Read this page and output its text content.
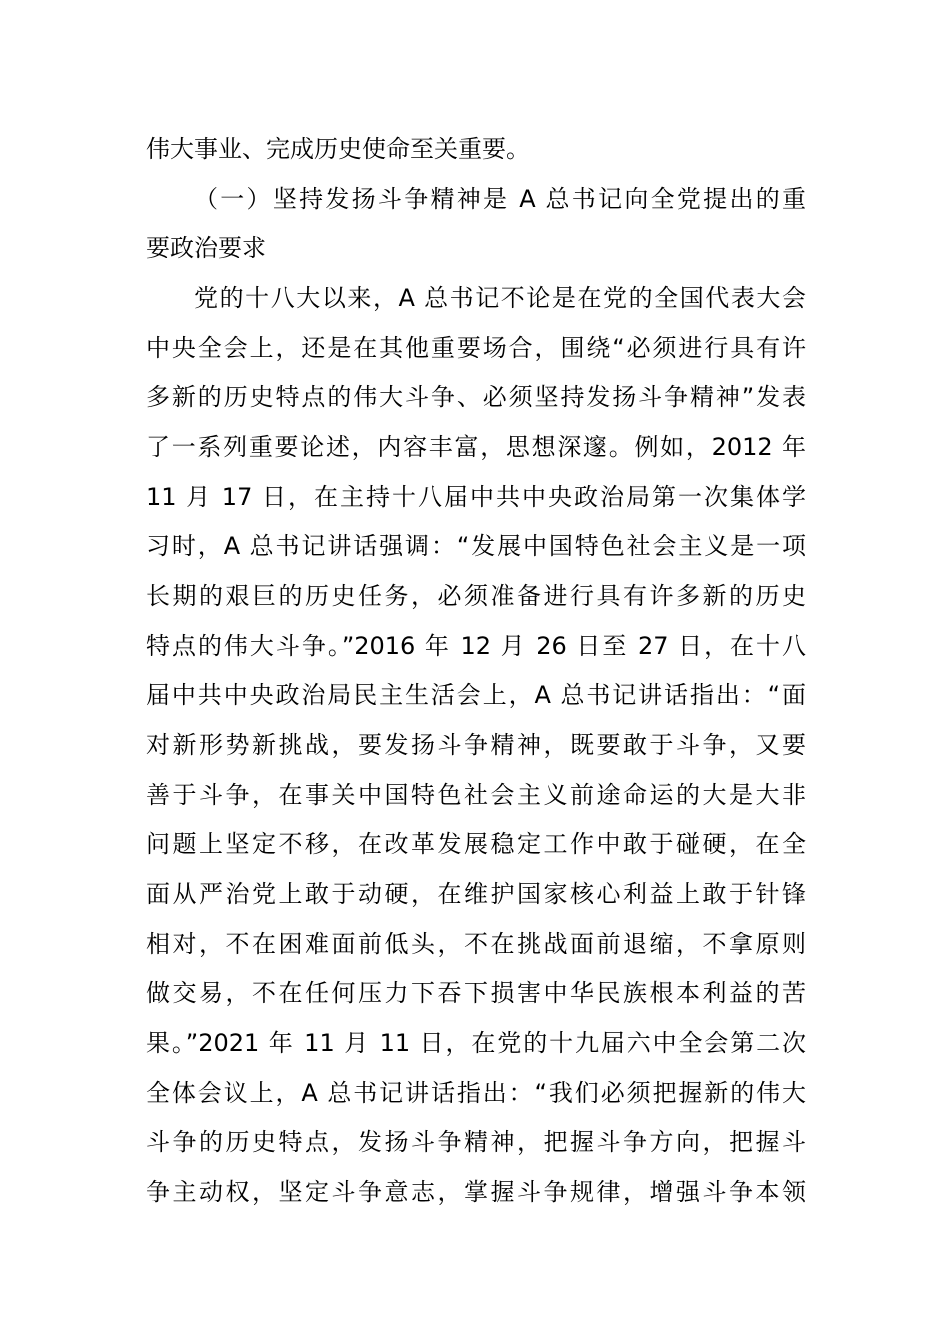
伟大事业、完成历史使命至关重要。
（一）坚持发扬斗争精神是 A 总书记向全党提出的重
要政治要求
党的十八大以来，A 总书记不论是在党的全国代表大会
中央全会上，还是在其他重要场合，围绕“必须进行具有许
多新的历史特点的伟大斗争、必须坚持发扬斗争精神”发表
了一系列重要论述，内容丰富，思想深邃。例如，2012 年
11 月 17 日，在主持十八届中共中央政治局第一次集体学
习时，A 总书记讲话强调：“发展中国特色社会主义是一项
长期的艰巨的历史任务，必须准备进行具有许多新的历史
特点的伟大斗争。”2016 年 12 月 26 日至 27 日，在十八
届中共中央政治局民主生活会上，A 总书记讲话指出：“面
对新形势新挑战，要发扬斗争精神，既要敢于斗争，又要
善于斗争，在事关中国特色社会主义前途命运的大是大非
问题上坚定不移，在改革发展稳定工作中敢于碰硬，在全
面从严治党上敢于动硬，在维护国家核心利益上敢于针锋
相对，不在困难面前低头，不在挑战面前退缩，不拿原则
做交易，不在任何压力下吞下损害中华民族根本利益的苦
果。”2021 年 11 月 11 日，在党的十九届六中全会第二次
全体会议上，A 总书记讲话指出：“我们必须把握新的伟大
斗争的历史特点，发扬斗争精神，把握斗争方向，把握斗
争主动权，坚定斗争意志，掌握斗争规律，增强斗争本领
